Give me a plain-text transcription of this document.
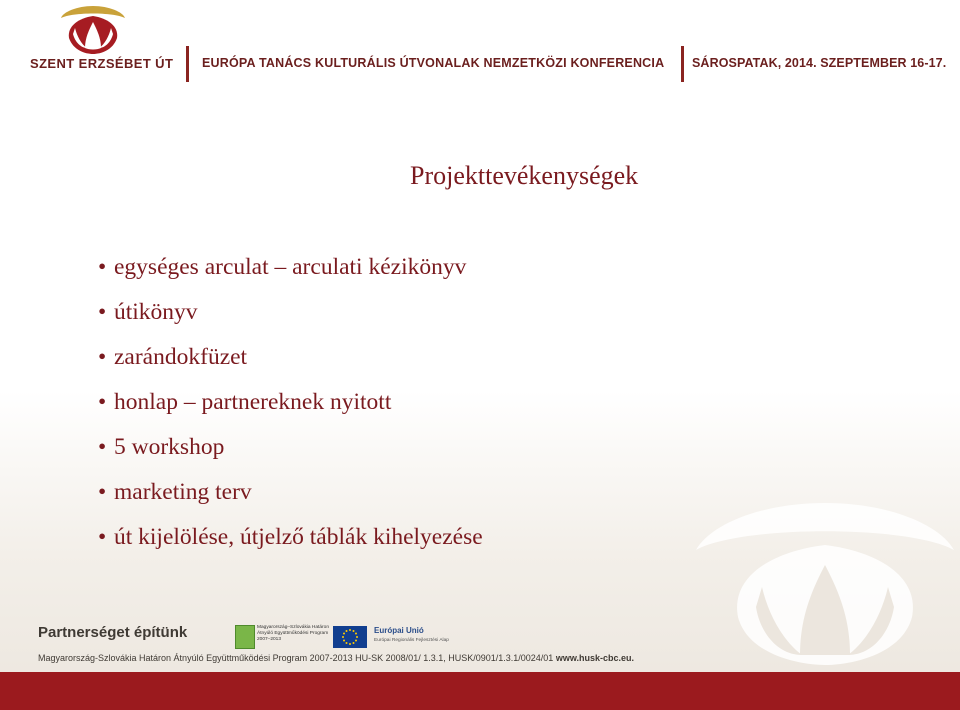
SZENT ERZSÉBET ÚT	EURÓPA TANÁCS KULTURÁLIS ÚTVONALAK NEMZETKÖZI KONFERENCIA SÁROSPATAK, 2014. SZEPTEMBER 16-17.
Projekttevékenységek
• egységes arculat – arculati kézikönyv
• útikönyv
• zarándokfüzet
• honlap – partnereknek nyitott
• 5 workshop
• marketing terv
• út kijelölése, útjelző táblák kihelyezése
Partnerséget építünk	Magyarország–Szlovákia Határon Átnyúló Együttműködési Program 2007–2013
Európai Unió
Európai Regionális Fejlesztési Alap
Magyarország-Szlovákia Határon Átnyúló Együttműködési Program 2007-2013 HU-SK 2008/01/ 1.3.1, HUSK/0901/1.3.1/0024/01 www.husk-cbc.eu.
